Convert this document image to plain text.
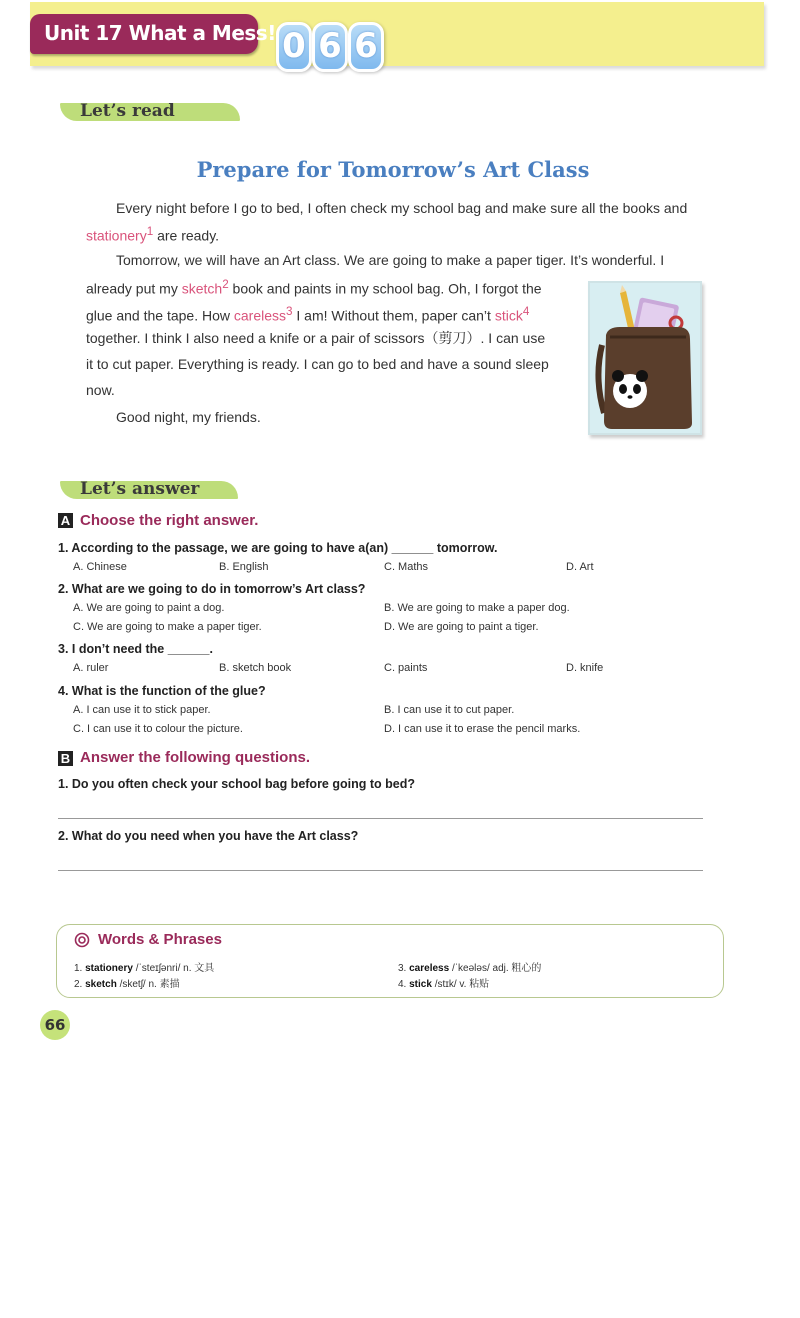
Unit 17 What a Mess! 0 6 6
Let’s read
Prepare for Tomorrow’s Art Class
Every night before I go to bed, I often check my school bag and make sure all the books and
stationery$^1$ are ready.
Tomorrow, we will have an Art class. We are going to make a paper tiger. It’s wonderful. I
already put my sketch$^2$ book and paints in my school bag. Oh, I forgot the
glue and the tape. How careless$^3$ I am! Without them, paper can’t stick$^4$
together. I think I also need a knife or a pair of scissors（剪刀）. I can use
it to cut paper. Everything is ready. I can go to bed and have a sound sleep
now.
Good night, my friends.
Let’s answer
A Choose the right answer.
1. According to the passage, we are going to have a(an) ______ tomorrow.
A. Chinese	B. English	C. Maths	D. Art
2. What are we going to do in tomorrow’s Art class?
A. We are going to paint a dog.	B. We are going to make a paper dog.
C. We are going to make a paper tiger.	D. We are going to paint a tiger.
3. I don’t need the ______.
A. ruler	B. sketch book	C. paints	D. knife
4. What is the function of the glue?
A. I can use it to stick paper.	B. I can use it to cut paper.
C. I can use it to colour the picture.	D. I can use it to erase the pencil marks.
B Answer the following questions.
1. Do you often check your school bag before going to bed?
2. What do you need when you have the Art class?
Words & Phrases
1. stationery /ˈsteɪʃənri/ n. 文具
2. sketch /sketʃ/ n. 素描
3. careless /ˈkeələs/ adj. 粗心的
4. stick /stɪk/ v. 粘贴
66
